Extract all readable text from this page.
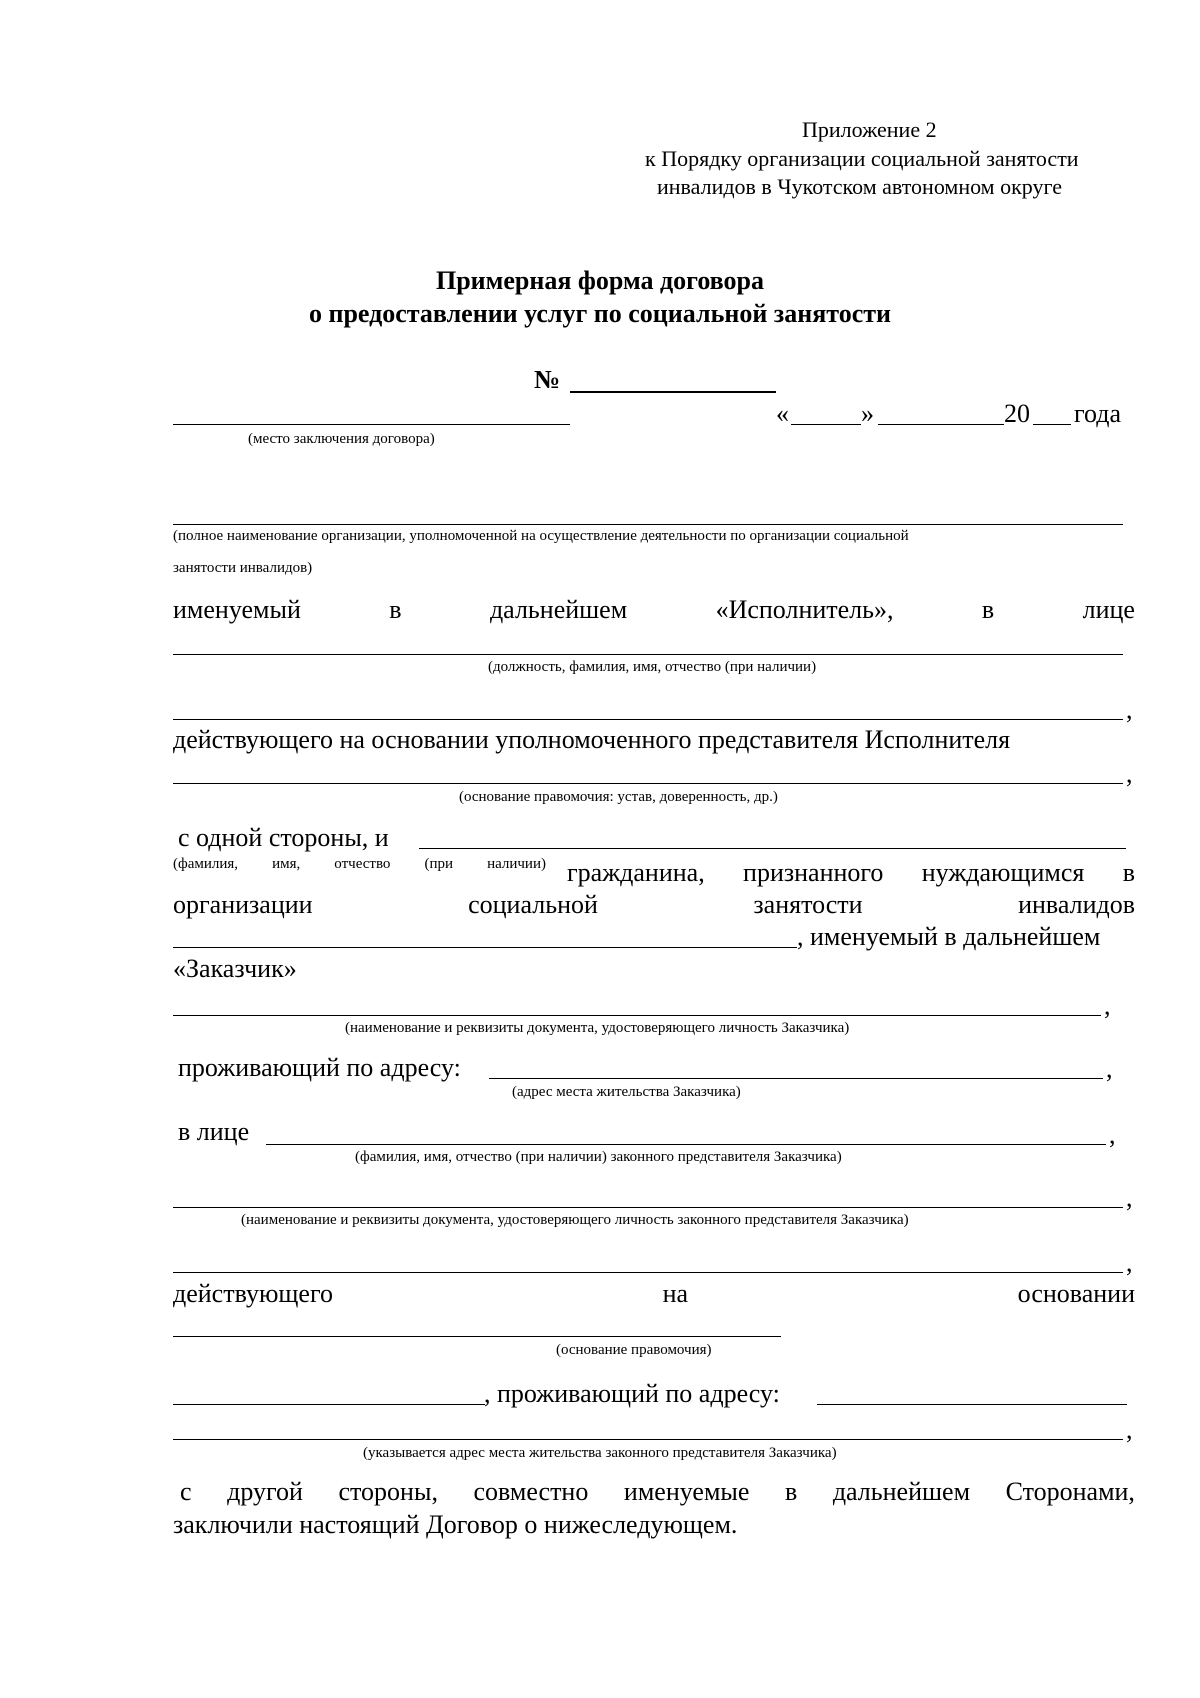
Приложение 2
к Порядку организации социальной занятости
инвалидов в Чукотском автономном округе
Примерная форма договора
о предоставлении услуг по социальной занятости
№
«	»	20 года
(место заключения договора)
(полное наименование организации, уполномоченной на осуществление деятельности по организации социальной
занятости инвалидов)
именуемый	в	дальнейшем	«Исполнитель»,	в	лице
(должность, фамилия, имя, отчество (при наличии)
,
действующего на основании уполномоченного представителя Исполнителя
,
(основание правомочия: устав, доверенность, др.)
с одной стороны, и
(фамилия, имя, отчество (при наличии) гражданина, признанного нуждающимся в
организации	социальной	занятости	инвалидов
, именуемый в дальнейшем
«Заказчик»
,
(наименование и реквизиты документа, удостоверяющего личность Заказчика)
проживающий по адресу:	,
(адрес места жительства Заказчика)
в лице	,
(фамилия, имя, отчество (при наличии) законного представителя Заказчика)
,
(наименование и реквизиты документа, удостоверяющего личность законного представителя Заказчика)
,
действующего	на	основании
(основание правомочия)
, проживающий по адресу:
,
(указывается адрес места жительства законного представителя Заказчика)
с другой стороны, совместно именуемые в дальнейшем Сторонами,
заключили настоящий Договор о нижеследующем.
